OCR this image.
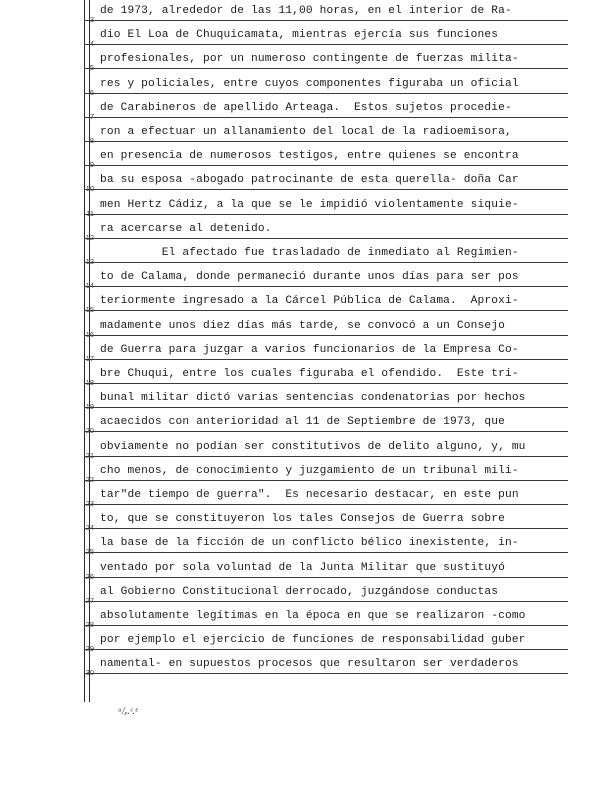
de 1973, alrededor de las 11,00 horas, en el interior de Ra-
3
dio El Loa de Chuquicamata, mientras ejercía sus funciones
4
profesionales, por un numeroso contingente de fuerzas milita-
5
res y policiales, entre cuyos componentes figuraba un oficial
6
de Carabineros de apellido Arteaga.  Estos sujetos procedie-
7
ron a efectuar un allanamiento del local de la radioemisora,
8
en presencia de numerosos testigos, entre quienes se encontra
9
ba su esposa -abogado patrocinante de esta querella- doña Car
10
men Hertz Cádiz, a la que se le impidió violentamente siquie-
11
ra acercarse al detenido.
12
El afectado fue trasladado de inmediato al Regimien-
13
to de Calama, donde permaneció durante unos días para ser pos
14
teriormente ingresado a la Cárcel Pública de Calama.  Aproxi-
15
madamente unos diez días más tarde, se convocó a un Consejo
16
de Guerra para juzgar a varios funcionarios de la Empresa Co-
17
bre Chuqui, entre los cuales figuraba el ofendido.  Este tri-
18
bunal militar dictó varias sentencias condenatorias por hechos
19
acaecidos con anterioridad al 11 de Septiembre de 1973, que
20
obviamente no podían ser constitutivos de delito alguno, y, mu
21
cho menos, de conocimiento y juzgamiento de un tribunal mili-
22
tar"de tiempo de guerra".  Es necesario destacar, en este pun
23
to, que se constituyeron los tales Consejos de Guerra sobre
24
la base de la ficción de un conflicto bélico inexistente, in-
25
ventado por sola voluntad de la Junta Militar que sustituyó
26
al Gobierno Constitucional derrocado, juzgándose conductas
27
absolutamente legítimas en la época en que se realizaron -como
28
por ejemplo el ejercicio de funciones de responsabilidad guber
29
namental- en supuestos procesos que resultaron ser verdaderos
30
ᵃ/ₑ.ᶜ.ᵉ
